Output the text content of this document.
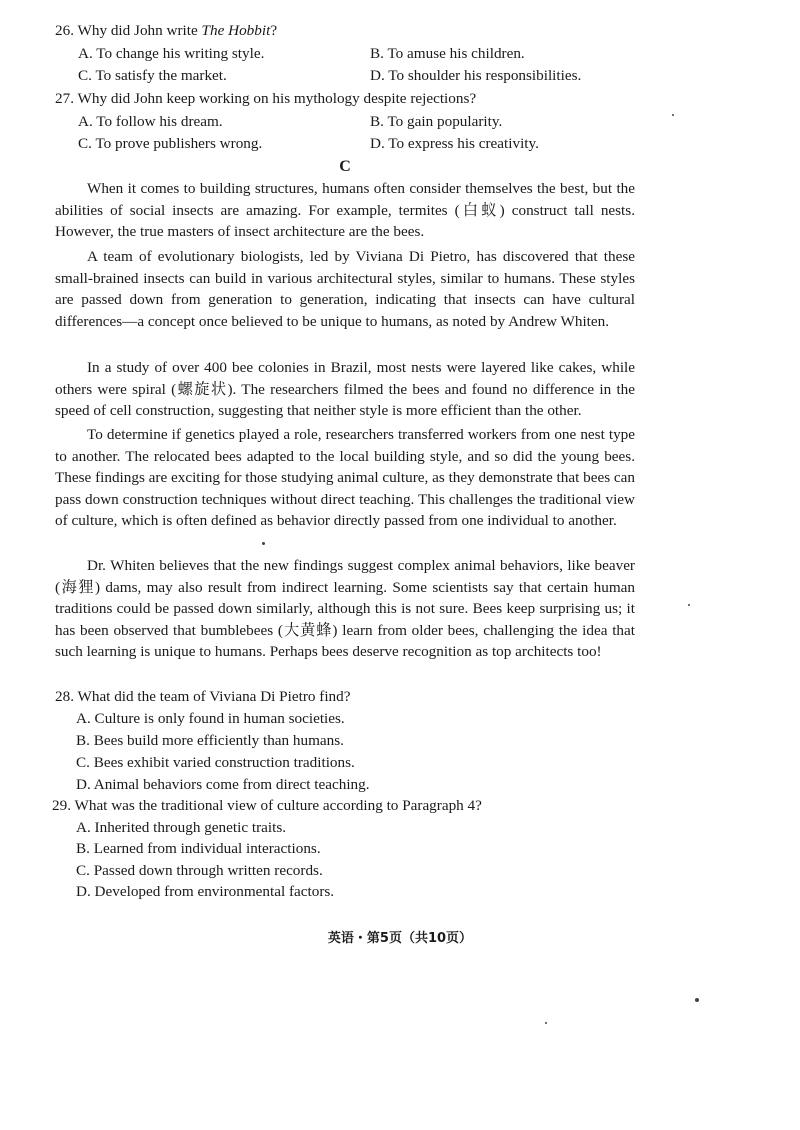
26. Why did John write The Hobbit?
A. To change his writing style.	B. To amuse his children.
C. To satisfy the market.	D. To shoulder his responsibilities.
27. Why did John keep working on his mythology despite rejections?
A. To follow his dream.	B. To gain popularity.
C. To prove publishers wrong.	D. To express his creativity.
C
When it comes to building structures, humans often consider themselves the best, but the abilities of social insects are amazing. For example, termites (白蚁) construct tall nests. However, the true masters of insect architecture are the bees.
A team of evolutionary biologists, led by Viviana Di Pietro, has discovered that these small-brained insects can build in various architectural styles, similar to humans. These styles are passed down from generation to generation, indicating that insects can have cultural differences—a concept once believed to be unique to humans, as noted by Andrew Whiten.
In a study of over 400 bee colonies in Brazil, most nests were layered like cakes, while others were spiral (螺旋状). The researchers filmed the bees and found no difference in the speed of cell construction, suggesting that neither style is more efficient than the other.
To determine if genetics played a role, researchers transferred workers from one nest type to another. The relocated bees adapted to the local building style, and so did the young bees. These findings are exciting for those studying animal culture, as they demonstrate that bees can pass down construction techniques without direct teaching. This challenges the traditional view of culture, which is often defined as behavior directly passed from one individual to another.
Dr. Whiten believes that the new findings suggest complex animal behaviors, like beaver (海狸) dams, may also result from indirect learning. Some scientists say that certain human traditions could be passed down similarly, although this is not sure. Bees keep surprising us; it has been observed that bumblebees (大黄蜂) learn from older bees, challenging the idea that such learning is unique to humans. Perhaps bees deserve recognition as top architects too!
28. What did the team of Viviana Di Pietro find?
A. Culture is only found in human societies.
B. Bees build more efficiently than humans.
C. Bees exhibit varied construction traditions.
D. Animal behaviors come from direct teaching.
29. What was the traditional view of culture according to Paragraph 4?
A. Inherited through genetic traits.
B. Learned from individual interactions.
C. Passed down through written records.
D. Developed from environmental factors.
英语・第5页（共10页）
